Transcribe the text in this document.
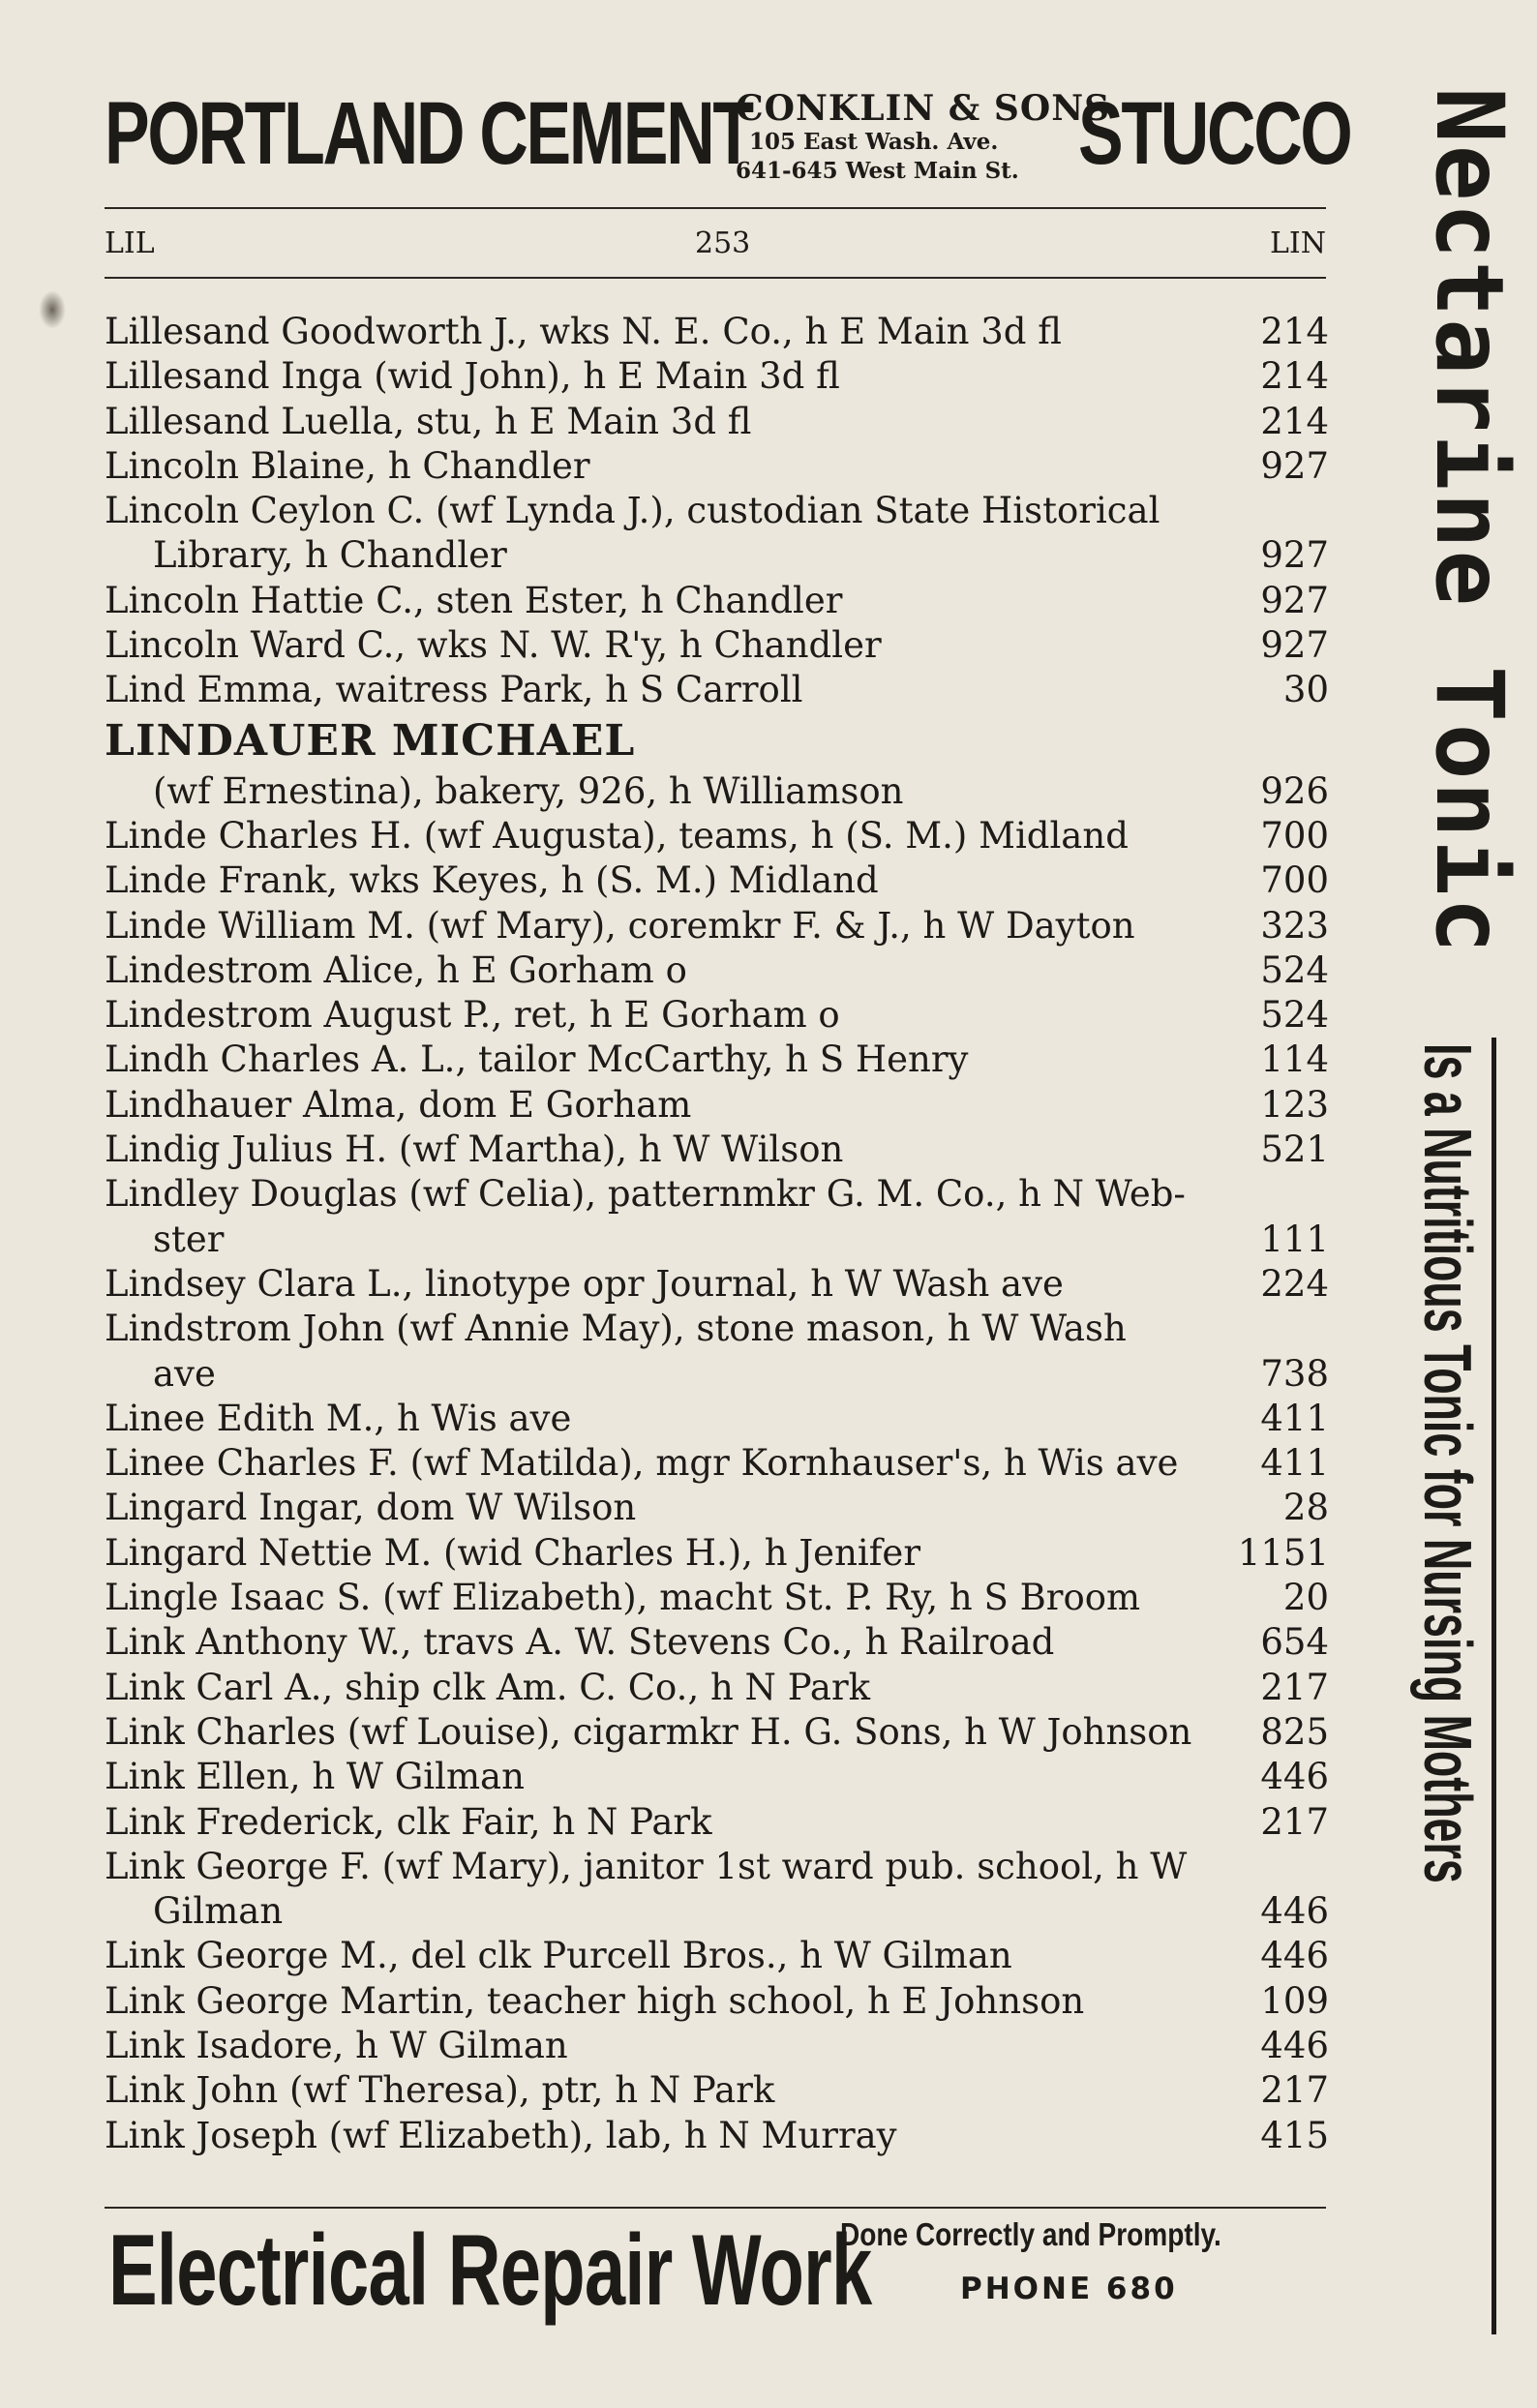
PORTLAND CEMENT
CONKLIN & SONS
105 East Wash. Ave.
641-645 West Main St. STUCCO
LIL	253	LIN
Lillesand Goodworth J., wks N. E. Co., h E Main 3d fl	214
Lillesand Inga (wid John), h E Main 3d fl	214
Lillesand Luella, stu, h E Main 3d fl	214
Lincoln Blaine, h Chandler	927
Lincoln Ceylon C. (wf Lynda J.), custodian State Historical
Library, h Chandler	927
Lincoln Hattie C., sten Ester, h Chandler	927
Lincoln Ward C., wks N. W. R'y, h Chandler	927
Lind Emma, waitress Park, h S Carroll	30
LINDAUER MICHAEL
(wf Ernestina), bakery, 926, h Williamson	926
Linde Charles H. (wf Augusta), teams, h (S. M.) Midland	700
Linde Frank, wks Keyes, h (S. M.) Midland	700
Linde William M. (wf Mary), coremkr F. & J., h W Dayton	323
Lindestrom Alice, h E Gorham o	524
Lindestrom August P., ret, h E Gorham o	524
Lindh Charles A. L., tailor McCarthy, h S Henry	114
Lindhauer Alma, dom E Gorham	123
Lindig Julius H. (wf Martha), h W Wilson	521
Lindley Douglas (wf Celia), patternmkr G. M. Co., h N Web-
ster	111
Lindsey Clara L., linotype opr Journal, h W Wash ave	224
Lindstrom John (wf Annie May), stone mason, h W Wash
ave	738
Linee Edith M., h Wis ave	411
Linee Charles F. (wf Matilda), mgr Kornhauser's, h Wis ave 411
Lingard Ingar, dom W Wilson	28
Lingard Nettie M. (wid Charles H.), h Jenifer	1151
Lingle Isaac S. (wf Elizabeth), macht St. P. Ry, h S Broom	20
Link Anthony W., travs A. W. Stevens Co., h Railroad	654
Link Carl A., ship clk Am. C. Co., h N Park	217
Link Charles (wf Louise), cigarmkr H. G. Sons, h W Johnson 825
Link Ellen, h W Gilman	446
Link Frederick, clk Fair, h N Park	217
Link George F. (wf Mary), janitor 1st ward pub. school, h W
Gilman	446
Link George M., del clk Purcell Bros., h W Gilman	446
Link George Martin, teacher high school, h E Johnson	109
Link Isadore, h W Gilman	446
Link John (wf Theresa), ptr, h N Park	217
Link Joseph (wf Elizabeth), lab, h N Murray	415
Electrical Repair Work
Done Correctly and Promptly.
PHONE 680
Nectarine Tonic
Is a Nutritious Tonic for Nursing Mothers
